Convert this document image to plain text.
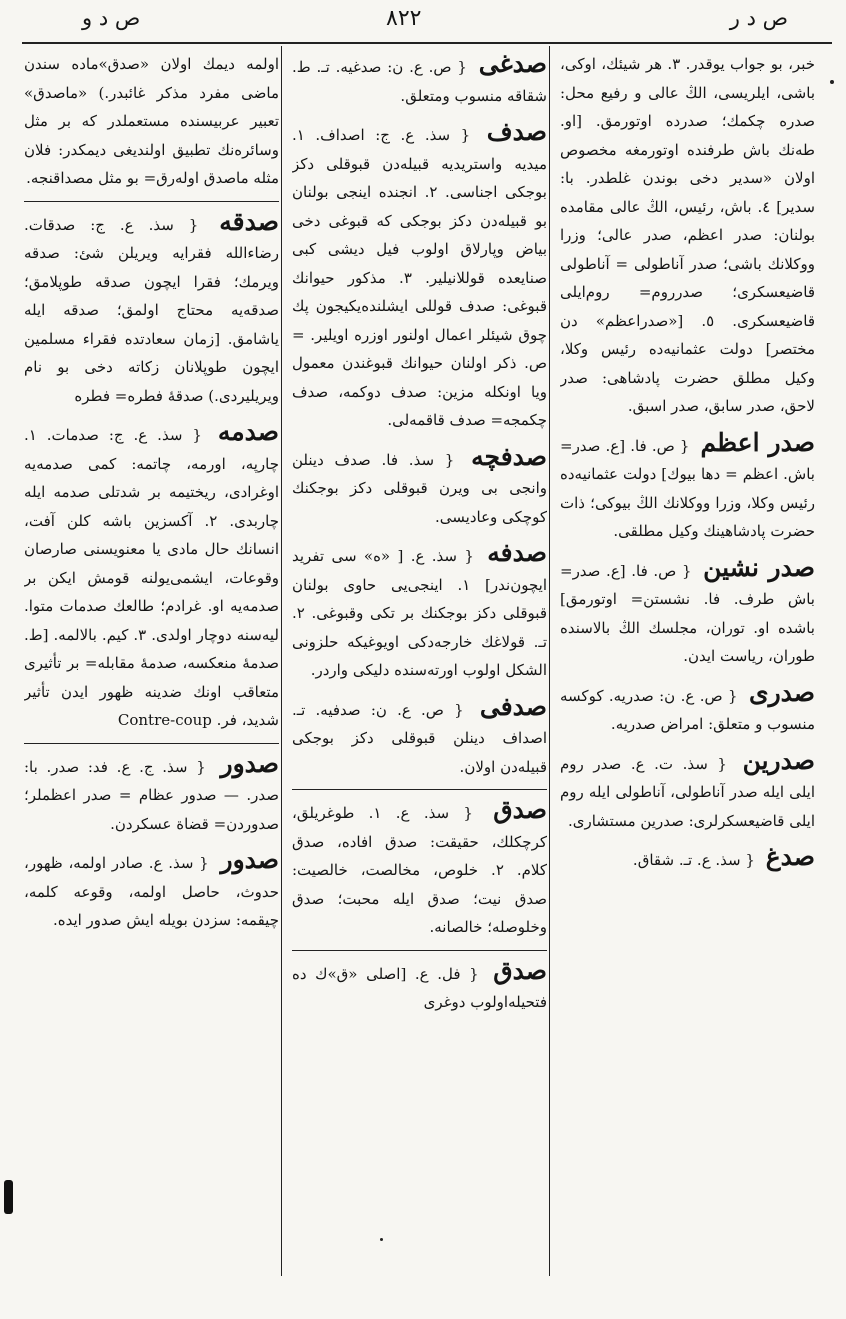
ص د ر
۸۲۲
ص د و
خبر، بو جواب یوقدر. ۳. هر شیئك، اوكی، باشی، ایلریسی، الڭ عالی و رفیع محل: صدره چكمك؛ صدرده اوتورمق. [او. طه‌نك باش طرفنده اوتورمغه مخصوص اولان «سدیر دخی بوندن غلطدر. با: سدیر] ٤. باش، رئیس، الڭ عالی مقامده بولنان: صدر اعظم، صدر عالی؛ وزرا ووكلانك باشی؛ صدر آناطولی = آناطولی قاضیعسكری؛ صدرروم= روم‌ایلی قاضیعسكری. ٥. [«صدراعظم» دن مختصر] دولت عثمانیه‌ده رئیس وكلا، وكیل مطلق حضرت پادشاهی: صدر لاحق، صدر سابق، صدر اسبق.
صدر اعظم { ص. فا. [ع. صدر= باش. اعظم = دها بیوك] دولت عثمانیه‌ده رئیس وكلا، وزرا ووكلانك الڭ بیوكی؛ ذات حضرت پادشاهینك وكیل مطلقی.
صدر نشین { ص. فا. [ع. صدر= باش طرف. فا. نشستن= اوتورمق] باشده او. توران، مجلسك الڭ بالاسنده طوران، ریاست ایدن.
صدری { ص. ع. ن: صدریه. كوكسه منسوب و متعلق: امراض صدریه.
صدرین { سذ. ت. ع. صدر روم ایلی ایله صدر آناطولی، آناطولی ایله روم ایلی قاضیعسكرلری: صدرین مستشاری.
صدغ { سذ. ع. تـ. شقاق.
صدغی { ص. ع. ن: صدغیه. تـ. ط. شقاقه منسوب ومتعلق.
صدف { سذ. ع. ج: اصداف. ۱. میدیه واستریدیه قبیله‌دن قبوقلی دكز بوجكی اجناسی. ۲. انجنده اینجی بولنان بو قبیله‌دن دكز بوجكی كه قبوغی دخی بیاض وپارلاق اولوب فیل دیشی كبی صنایعده قوللانیلیر. ۳. مذكور حیوانك قبوغی: صدف قوللی ایشلنده‌یكیجون پك چوق شیئلر اعمال اولنور اوزره اویلیر. = ص. ذكر اولنان حیوانك قبوغندن معمول ویا اونكله مزین: صدف دوكمه، صدف چكمجه= صدف قاقمه‌لی.
صدفچه { سذ. فا. صدف دینلن وانجی بی ویرن قبوقلی دكز بوجكنك كوچكی وعادیسی.
صدفه { سذ. ع. [ «ه» سی تفرید ایچون‌ندر] ۱. اینجی‌یی حاوی بولنان قبوقلی دكز بوجكنك بر تكی وقبوغی. ۲. تـ. قولاغك خارجه‌دكی اویوغیكه حلزونی الشكل اولوب اورته‌سنده دلیكی واردر.
صدفی { ص. ع. ن: صدفیه. تـ. اصداف دینلن قبوقلی دكز بوجكی قبیله‌دن اولان.
صدق { سذ. ع. ۱. طوغریلق، كرچكلك، حقیقت: صدق افاده، صدق كلام. ۲. خلوص، مخالصت، خالصیت: صدق نیت؛ صدق ایله محبت؛ صدق وخلوصله؛ خالصانه.
صدق { فل. ع. [اصلی «ق»ك ده فتحیله‌اولوب دوغری
اولمه دیمك اولان «صدق»ماده سندن ماضی مفرد مذكر غائبدر.) «ماصدق» تعبیر عربیسنده مستعملدر كه بر مثل وسائرەنك تطبیق اولندیغی دیمكدر: فلان مثله ماصدق اولەرق= بو مثل مصداقنجه.
صدقه { سذ. ع. ج: صدقات. رضاءالله فقرایه ویریلن شئ: صدقه ویرمك؛ فقرا ایچون صدقه طوپلامق؛ صدقه‌یه محتاج اولمق؛ صدقه ایله یاشامق. [زمان سعادتده فقراء مسلمین ایچون طوپلانان زكاته دخی بو نام ویریلیردی.) صدقهٔ فطره= فطره
صدمه { سذ. ع. ج: صدمات. ۱. چارپه، اورمه، چاتمه: كمی صدمه‌یه اوغرادی، ریختیمه بر شدتلی صدمه ایله چاربدی. ۲. آكسزین باشه كلن آفت، انسانك حال مادی یا معنویسنی صارصان وقوعات، ایشمی‌یولنه قومش ایكن بر صدمه‌یه او. غرادم؛ طالعك صدمات متوا. لیه‌سنه دوچار اولدی. ۳. كیم. بالالمه. [ط. صدمهٔ منعكسه، صدمهٔ مقابله= بر تأثیری متعاقب اونك ضدینه ظهور ایدن تأثیر شدید، فر. Contre-coup
صدور { سذ. ج. ع. فد: صدر. با: صدر. — صدور عظام = صدر اعظملر؛ صدوردن= قضاة عسكردن.
صدور { سذ. ع. صادر اولمه، ظهور، حدوث، حاصل اولمه، وقوعه كلمه، چیقمه: سزدن بویله ایش صدور ایدە.
